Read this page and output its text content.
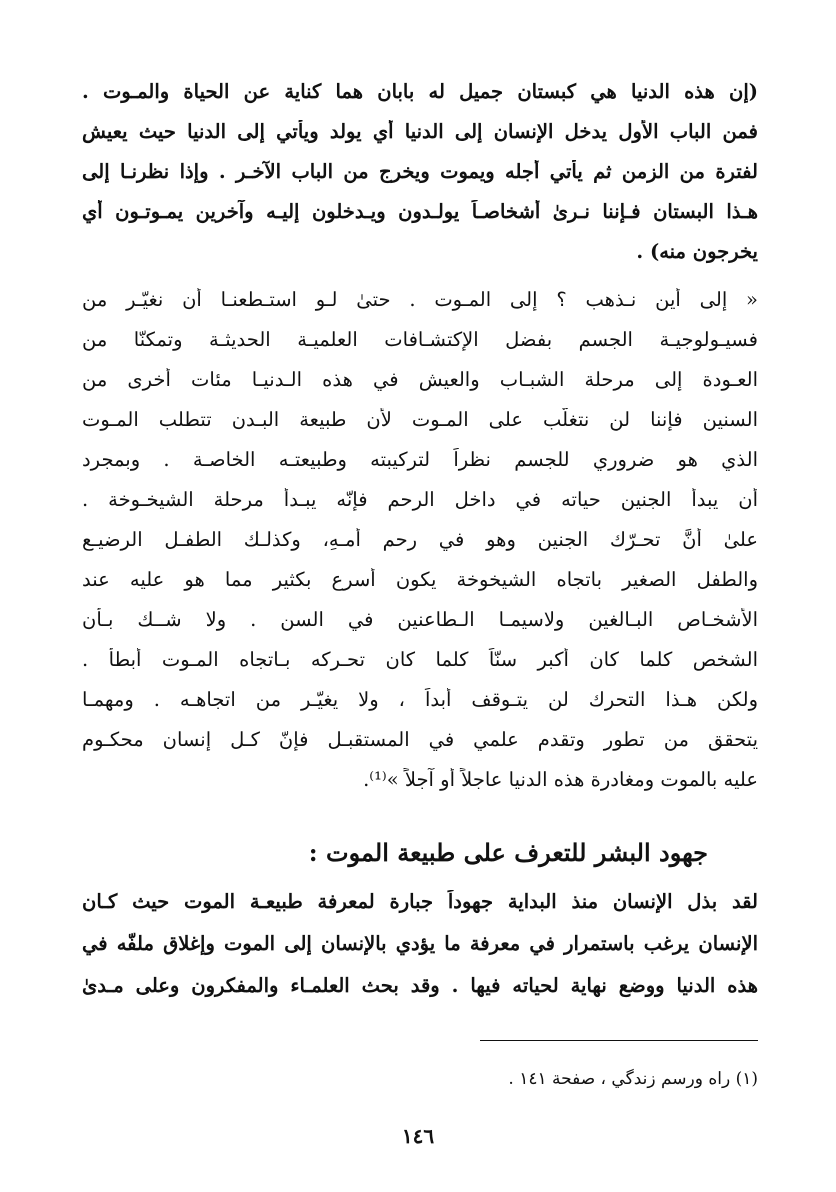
(إن هذه الدنيا هي كبستان جميل له بابان هما كناية عن الحياة والمـوت .
فمن الباب الأول يدخل الإنسان إلى الدنيا أي يولد ويأتي إلى الدنيا حيث يعيش
لفترة من الزمن ثم يأتي أجله ويموت ويخرج من الباب الآخـر . وإذا نظرنـا إلى
هـذا البستان فـإننا نـرىٰ أشخاصـاً يولـدون ويـدخلون إليـه وآخرين يمـوتـون أي
يخرجون منه) .
« إلى أين نـذهب ؟ إلى المـوت . حتىٰ لـو استـطعنـا أن نغيّـر من
فسيـولوجيـة الجسم بفضل الإكتشـافات العلميـة الحديثـة وتمكنّا من
العـودة إلى مرحلة الشبـاب والعيش في هذه الـدنيـا مئات أخرى من
السنين فإننا لن نتغلّب على المـوت لأن طبيعة البـدن تتطلب المـوت
الذي هو ضروري للجسم نظراً لتركيبته وطبيعتـه الخاصـة . وبمجرد
أن يبدأ الجنين حياته في داخل الرحم فإنّه يبـدأ مرحلة الشيخـوخة .
علىٰ أنَّ تحـرّك الجنين وهو في رحم أمـهِ، وكذلـك الطفـل الرضيـع
والطفل الصغير باتجاه الشيخوخة يكون أسرع بكثير مما هو عليه عند
الأشخـاص البـالغين ولاسيمـا الـطاعنين في السن . ولا شــك بـأن
الشخص كلما كان أكبر سنّاً كلما كان تحـركه بـاتجاه المـوت أبطأ .
ولكن هـذا التحرك لن يتـوقف أبداً ، ولا يغيّـر من اتجاهـه . ومهمـا
يتحقق من تطور وتقدم علمي في المستقبـل فإنّ كـل إنسان محكـوم
عليه بالموت ومغادرة هذه الدنيا عاجلاً أو آجلاً »⁽¹⁾.
جهود البشر للتعرف على طبيعة الموت :
لقد بذل الإنسان منذ البداية جهوداً جبارة لمعرفة طبيعـة الموت حيث كـان
الإنسان يرغب باستمرار في معرفة ما يؤدي بالإنسان إلى الموت وإغلاق ملفّه في
هذه الدنيا ووضع نهاية لحياته فيها . وقد بحث العلمـاء والمفكرون وعلى مـدىٰ
(١) راه ورسم زندگي ، صفحة ١٤١ .
١٤٦
